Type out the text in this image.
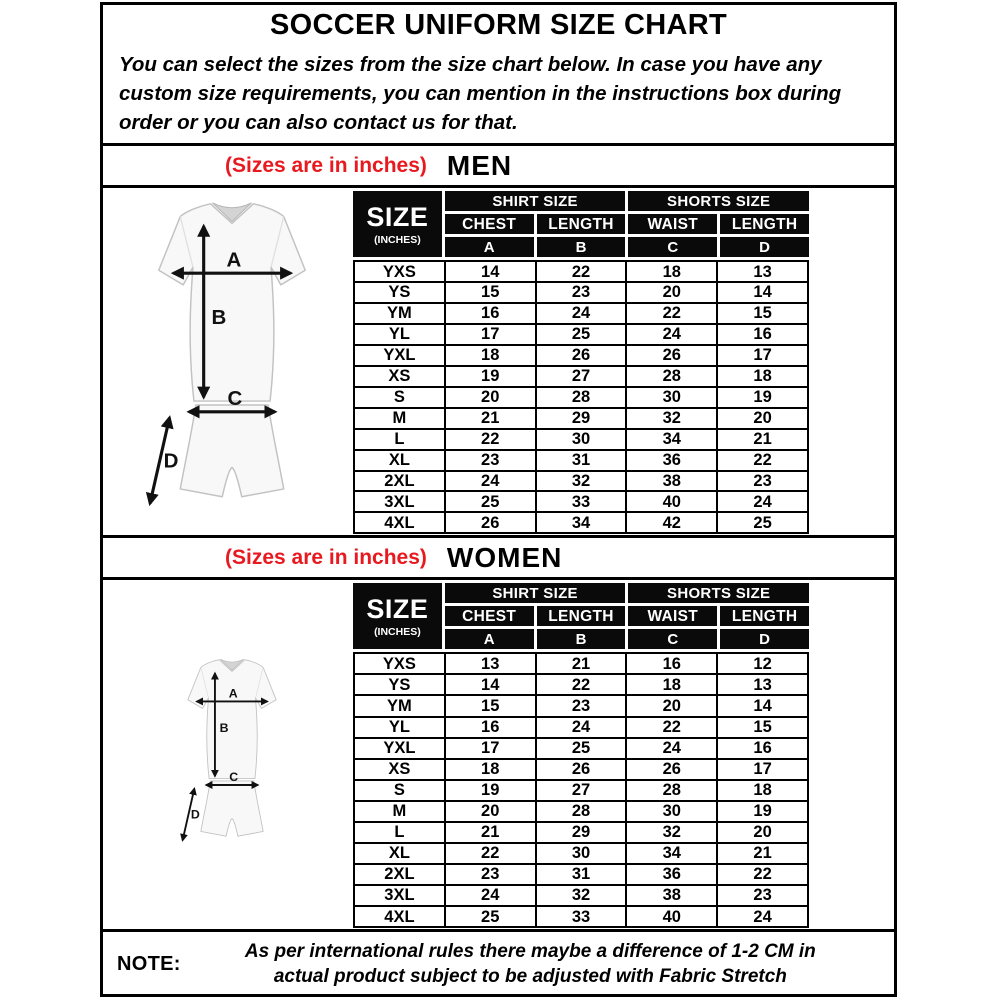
SOCCER UNIFORM SIZE CHART

You can select the sizes from the size chart below. In case you have any custom size requirements, you can mention in the instructions box during order or you can also contact us for that.

(Sizes are in inches) MEN
A
B
C
D
SIZE
(INCHES)
SHIRT SIZE	SHORTS SIZE
CHEST	LENGTH	WAIST	LENGTH
A	B	C	D
YXS	14	22	18	13
YS	15	23	20	14
YM	16	24	22	15
YL	17	25	24	16
YXL	18	26	26	17
XS	19	27	28	18
S	20	28	30	19
M	21	29	32	20
L	22	30	34	21
XL	23	31	36	22
2XL	24	32	38	23
3XL	25	33	40	24
4XL	26	34	42	25
(Sizes are in inches) WOMEN
A
B
C
D
SIZE
(INCHES)
SHIRT SIZE	SHORTS SIZE
CHEST	LENGTH	WAIST	LENGTH
A	B	C	D
YXS	13	21	16	12
YS	14	22	18	13
YM	15	23	20	14
YL	16	24	22	15
YXL	17	25	24	16
XS	18	26	26	17
S	19	27	28	18
M	20	28	30	19
L	21	29	32	20
XL	22	30	34	21
2XL	23	31	36	22
3XL	24	32	38	23
4XL	25	33	40	24
NOTE:

As per international rules there maybe a difference of 1-2 CM in actual product subject to be adjusted with Fabric Stretch
